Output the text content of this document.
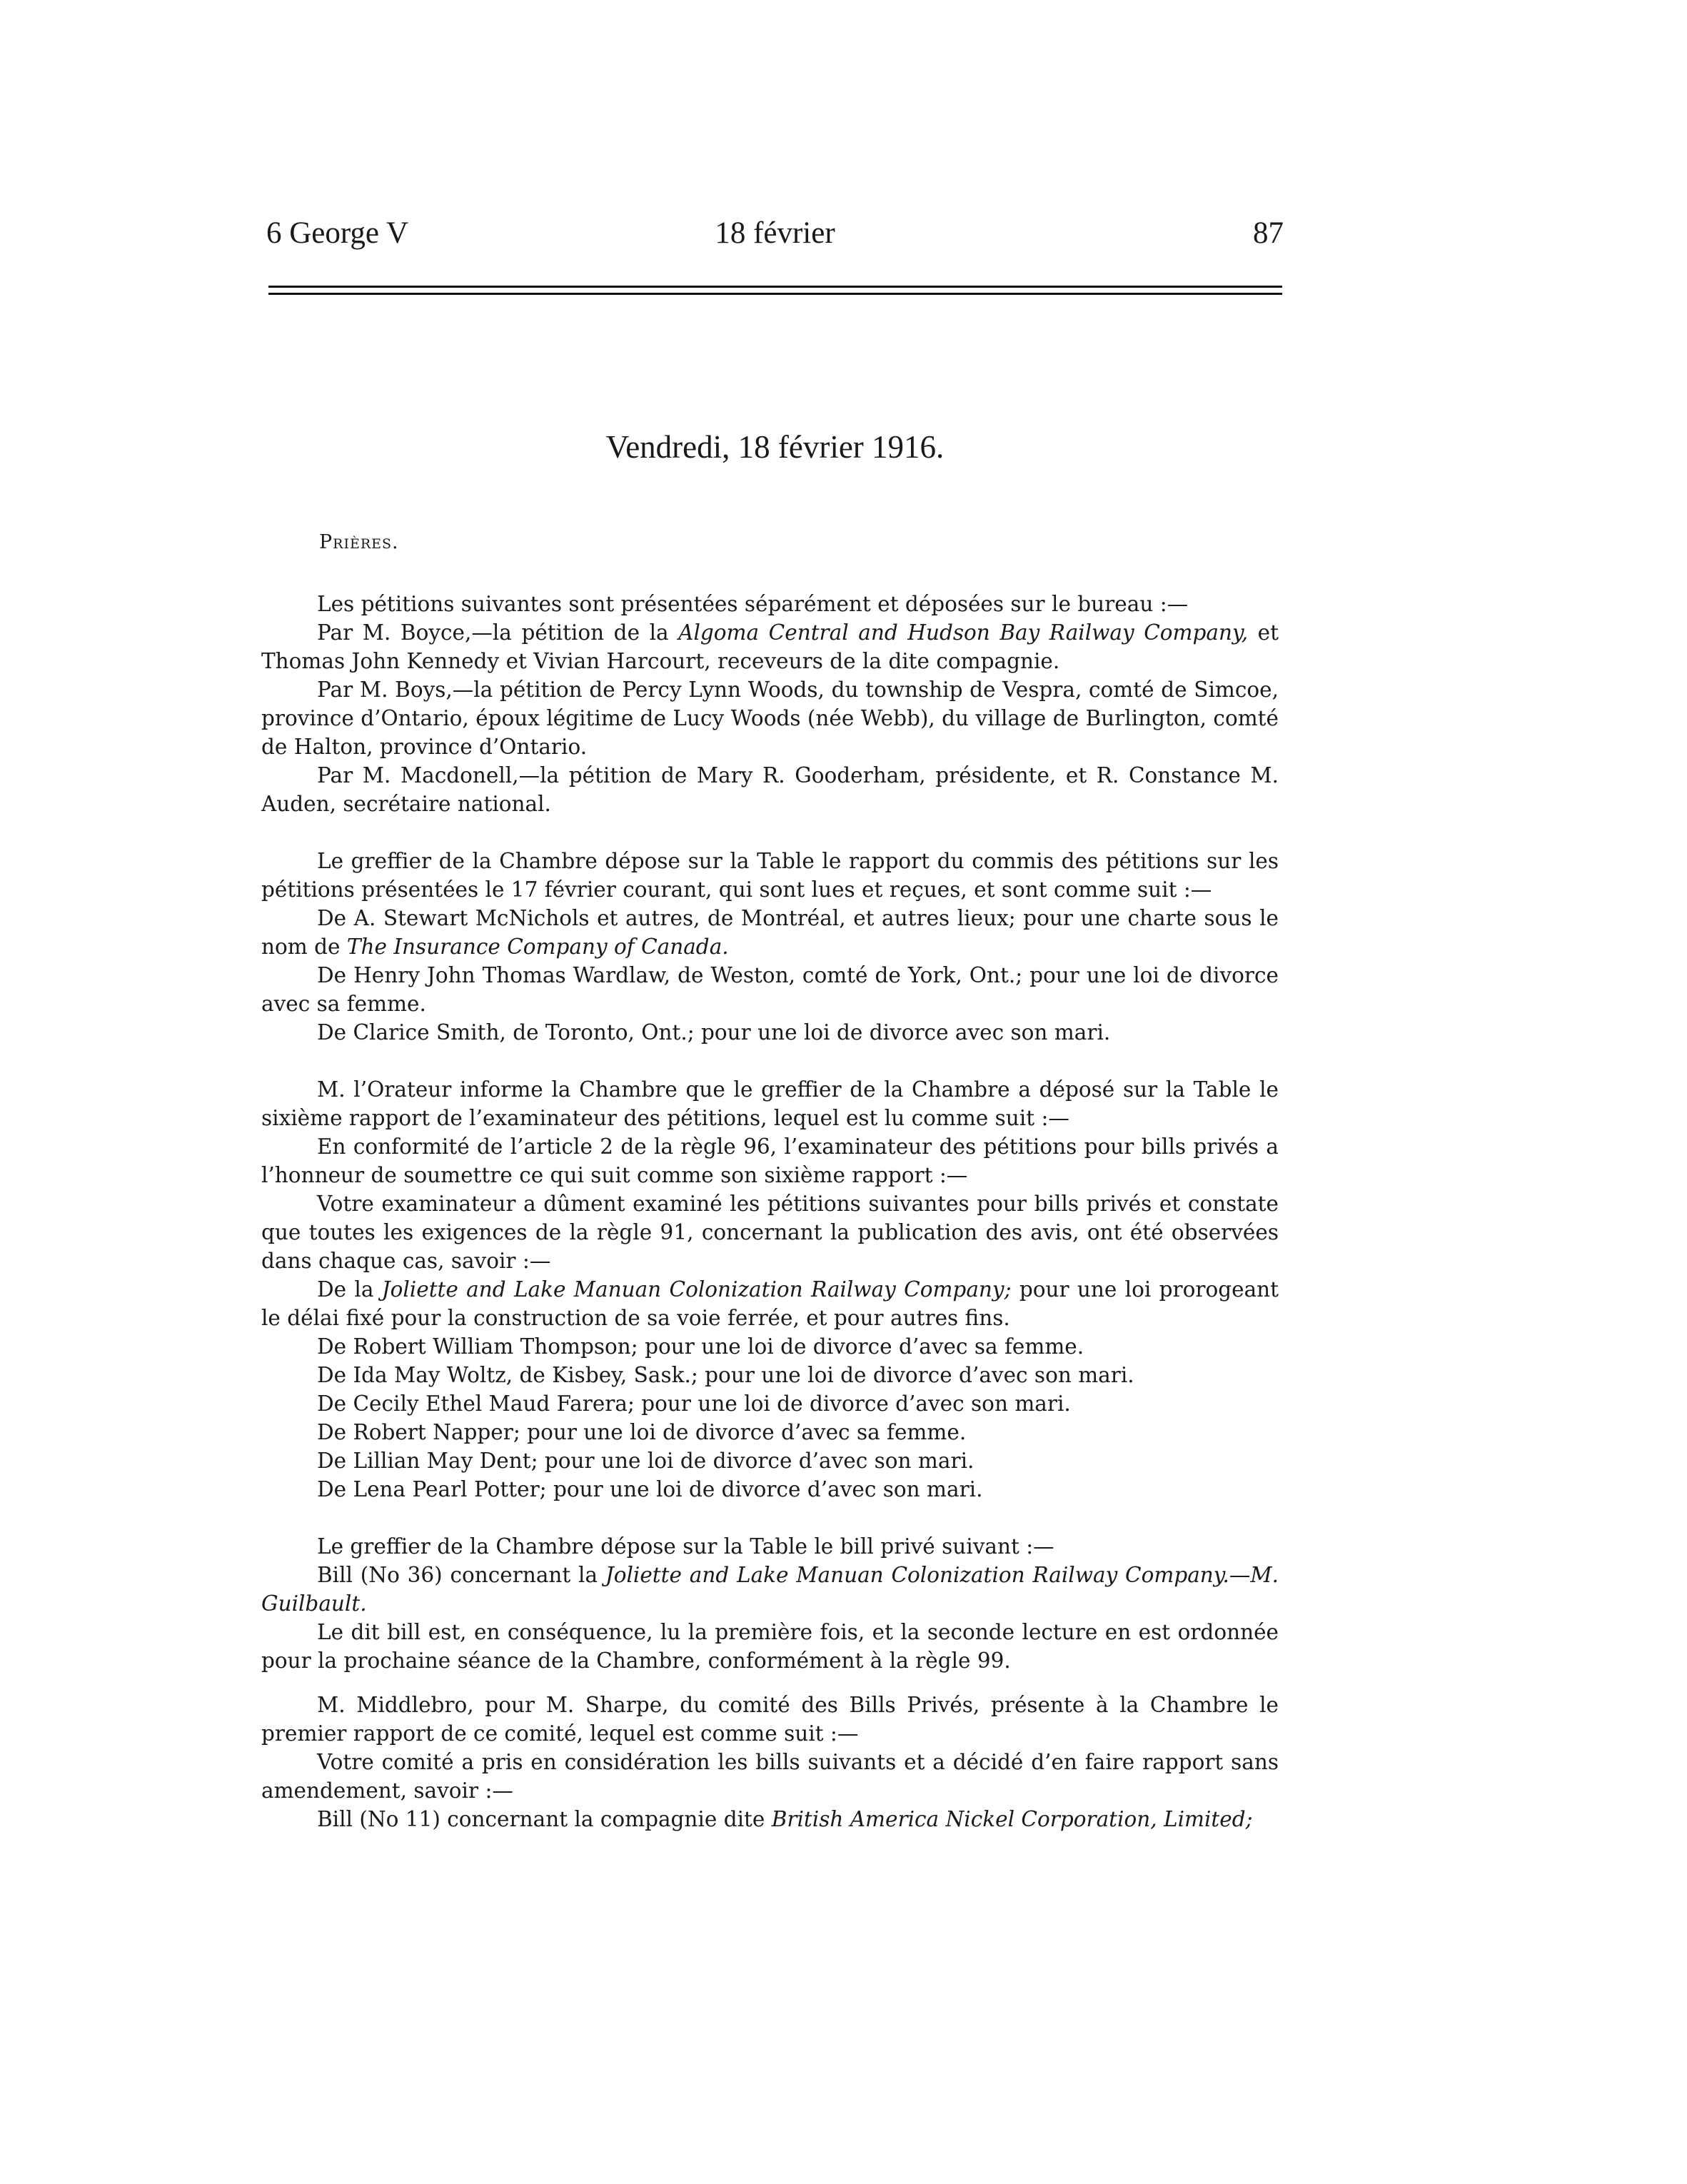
6 George V	18 février	87
Vendredi, 18 février 1916.
Prières.

Les pétitions suivantes sont présentées séparément et déposées sur le bureau :—

Par M. Boyce,—la pétition de la Algoma Central and Hudson Bay Railway Company, et Thomas John Kennedy et Vivian Harcourt, receveurs de la dite compagnie.

Par M. Boys,—la pétition de Percy Lynn Woods, du township de Vespra, comté de Simcoe, province d’Ontario, époux légitime de Lucy Woods (née Webb), du village de Burlington, comté de Halton, province d’Ontario.

Par M. Macdonell,—la pétition de Mary R. Gooderham, présidente, et R. Constance M. Auden, secrétaire national.

Le greffier de la Chambre dépose sur la Table le rapport du commis des pétitions sur les pétitions présentées le 17 février courant, qui sont lues et reçues, et sont comme suit :—

De A. Stewart McNichols et autres, de Montréal, et autres lieux; pour une charte sous le nom de The Insurance Company of Canada.

De Henry John Thomas Wardlaw, de Weston, comté de York, Ont.; pour une loi de divorce avec sa femme.

De Clarice Smith, de Toronto, Ont.; pour une loi de divorce avec son mari.

M. l’Orateur informe la Chambre que le greffier de la Chambre a déposé sur la Table le sixième rapport de l’examinateur des pétitions, lequel est lu comme suit :—

En conformité de l’article 2 de la règle 96, l’examinateur des pétitions pour bills privés a l’honneur de soumettre ce qui suit comme son sixième rapport :—

Votre examinateur a dûment examiné les pétitions suivantes pour bills privés et constate que toutes les exigences de la règle 91, concernant la publication des avis, ont été observées dans chaque cas, savoir :—

De la Joliette and Lake Manuan Colonization Railway Company; pour une loi prorogeant le délai fixé pour la construction de sa voie ferrée, et pour autres fins.

De Robert William Thompson; pour une loi de divorce d’avec sa femme.

De Ida May Woltz, de Kisbey, Sask.; pour une loi de divorce d’avec son mari.

De Cecily Ethel Maud Farera; pour une loi de divorce d’avec son mari.

De Robert Napper; pour une loi de divorce d’avec sa femme.

De Lillian May Dent; pour une loi de divorce d’avec son mari.

De Lena Pearl Potter; pour une loi de divorce d’avec son mari.

Le greffier de la Chambre dépose sur la Table le bill privé suivant :—

Bill (No 36) concernant la Joliette and Lake Manuan Colonization Railway Company.—M. Guilbault.

Le dit bill est, en conséquence, lu la première fois, et la seconde lecture en est ordonnée pour la prochaine séance de la Chambre, conformément à la règle 99.

M. Middlebro, pour M. Sharpe, du comité des Bills Privés, présente à la Chambre le premier rapport de ce comité, lequel est comme suit :—

Votre comité a pris en considération les bills suivants et a décidé d’en faire rapport sans amendement, savoir :—

Bill (No 11) concernant la compagnie dite British America Nickel Corporation, Limited;
